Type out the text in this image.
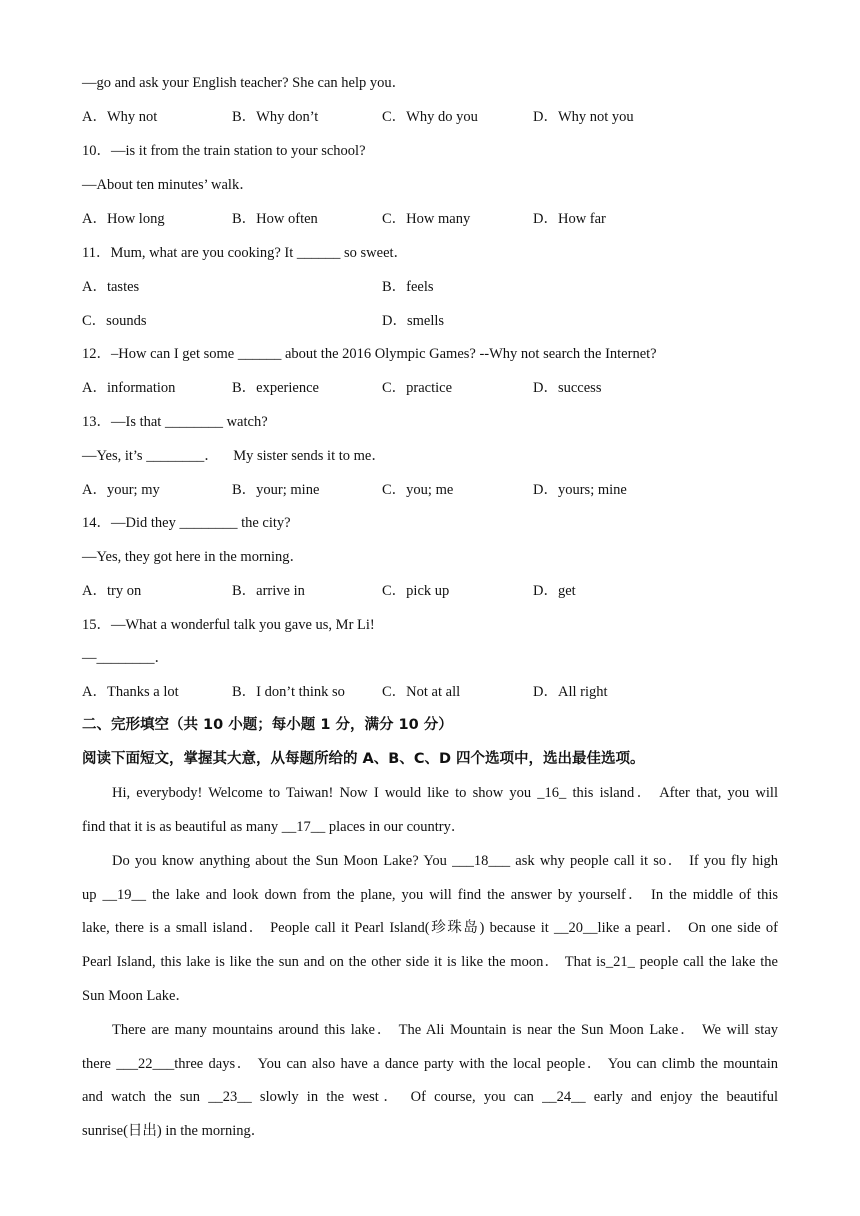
—go and ask your English teacher? She can help you．
A．Why not	B．Why don’t	C．Why do you	D．Why not you
10．—is it from the train station to your school?
—About ten minutes’ walk．
A．How long	B．How often	C．How many	D．How far
11．Mum, what are you cooking? It ______ so sweet．
A．tastes	B．feels
C．sounds	D．smells
12．–How can I get some ______ about the 2016 Olympic Games? --Why not search the Internet?
A．information	B．experience	C．practice	D．success
13．—Is that ________ watch?
—Yes, it’s ________．    My sister sends it to me．
A．your; my	B．your; mine	C．you; me	D．yours; mine
14．—Did they ________ the city?
—Yes, they got here in the morning．
A．try on	B．arrive in	C．pick up	D．get
15．—What a wonderful talk you gave us, Mr Li!
—________．
A．Thanks a lot	B．I don’t think so	C．Not at all	D．All right
二、完形填空（共 10 小题；每小题 1 分，满分 10 分）
阅读下面短文，掌握其大意，从每题所给的 A、B、C、D 四个选项中，选出最佳选项。
Hi, everybody! Welcome to Taiwan! Now I would like to show you _16_ this island． After that, you will
find that it is as beautiful as many __17__ places in our country．
Do you know anything about the Sun Moon Lake? You ___18___ ask why people call it so． If you fly high
up __19__ the lake and look down from the plane, you will find the answer by yourself． In the middle of this
lake, there is a small island． People call it Pearl Island(珍珠岛) because it __20__like a pearl． On one side of
Pearl Island, this lake is like the sun and on the other side it is like the moon． That is_21_ people call the lake the
Sun Moon Lake．
There are many mountains around this lake． The Ali Mountain is near the Sun Moon Lake． We will stay
there ___22___three days． You can also have a dance party with the local people． You can climb the mountain
and watch the sun __23__ slowly in the west． Of course, you can __24__ early and enjoy the beautiful
sunrise(日出) in the morning．
